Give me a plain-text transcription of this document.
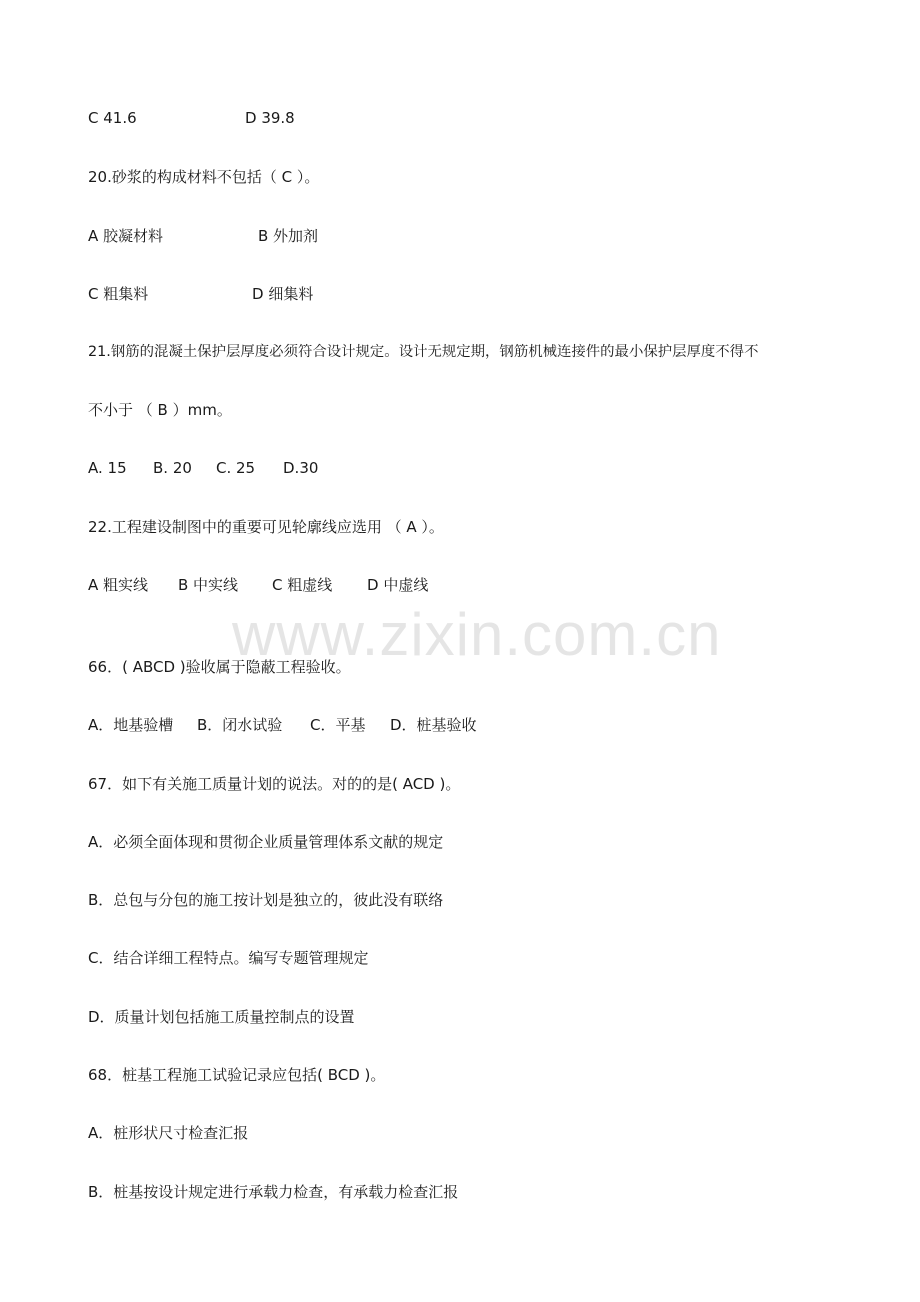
C 41.6	D 39.8
20.砂浆的构成材料不包括（ C ）。
A 胶凝材料	B 外加剂
C 粗集料	D 细集料
21.钢筋的混凝土保护层厚度必须符合设计规定。设计无规定期，钢筋机械连接件的最小保护层厚度不得不
不小于 （ B ）mm。
A. 15 B. 20 C. 25 D.30
22.工程建设制图中的重要可见轮廓线应选用 （ A ）。
A 粗实线 B 中实线 C 粗虚线 D 中虚线
www.zixin.com.cn
66．( ABCD )验收属于隐蔽工程验收。
A．地基验槽 B．闭水试验 C．平基 D．桩基验收
67．如下有关施工质量计划的说法。对的的是( ACD )。
A．必须全面体现和贯彻企业质量管理体系文献的规定
B．总包与分包的施工按计划是独立的，彼此没有联络
C．结合详细工程特点。编写专题管理规定
D．质量计划包括施工质量控制点的设置
68．桩基工程施工试验记录应包括( BCD )。
A．桩形状尺寸检查汇报
B．桩基按设计规定进行承载力检查，有承载力检查汇报
